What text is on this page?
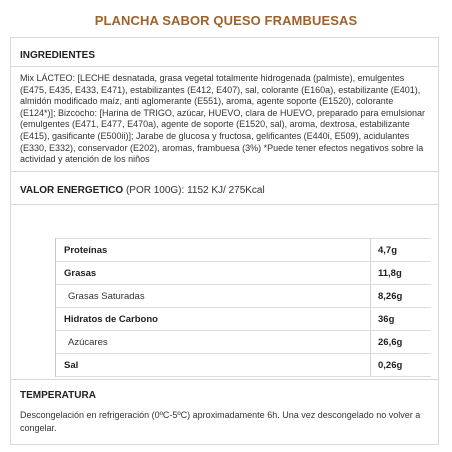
PLANCHA SABOR QUESO FRAMBUESAS
INGREDIENTES
Mix LÁCTEO: [LECHE desnatada, grasa vegetal totalmente hidrogenada (palmiste), emulgentes (E475, E435, E433, E471), estabilizantes (E412, E407), sal, colorante (E160a), estabilizante (E401), almidón modificado maíz, anti aglomerante (E551), aroma, agente soporte (E1520), colorante (E124*)]; Bizcocho: [Harina de TRIGO, azúcar, HUEVO, clara de HUEVO, preparado para emulsionar (emulgentes (E471, E477, E470a), agente de soporte (E1520, sal), aroma, dextrosa, estabilizante (E415), gasificante (E500ii)]; Jarabe de glucosa y fructosa, gelificantes (E440i, E509), acidulantes (E330, E332), conservador (E202), aromas, frambuesa (3%) *Puede tener efectos negativos sobre la actividad y atención de los niños
VALOR ENERGETICO (POR 100G): 1152 KJ/ 275Kcal
Proteínas	4,7g
Grasas	11,8g
Grasas Saturadas	8,26g
Hidratos de Carbono	36g
Azúcares	26,6g
Sal	0,26g
TEMPERATURA
Descongelación en refrigeración (0ºC-5ºC) aproximadamente 6h. Una vez descongelado no volver a congelar.
